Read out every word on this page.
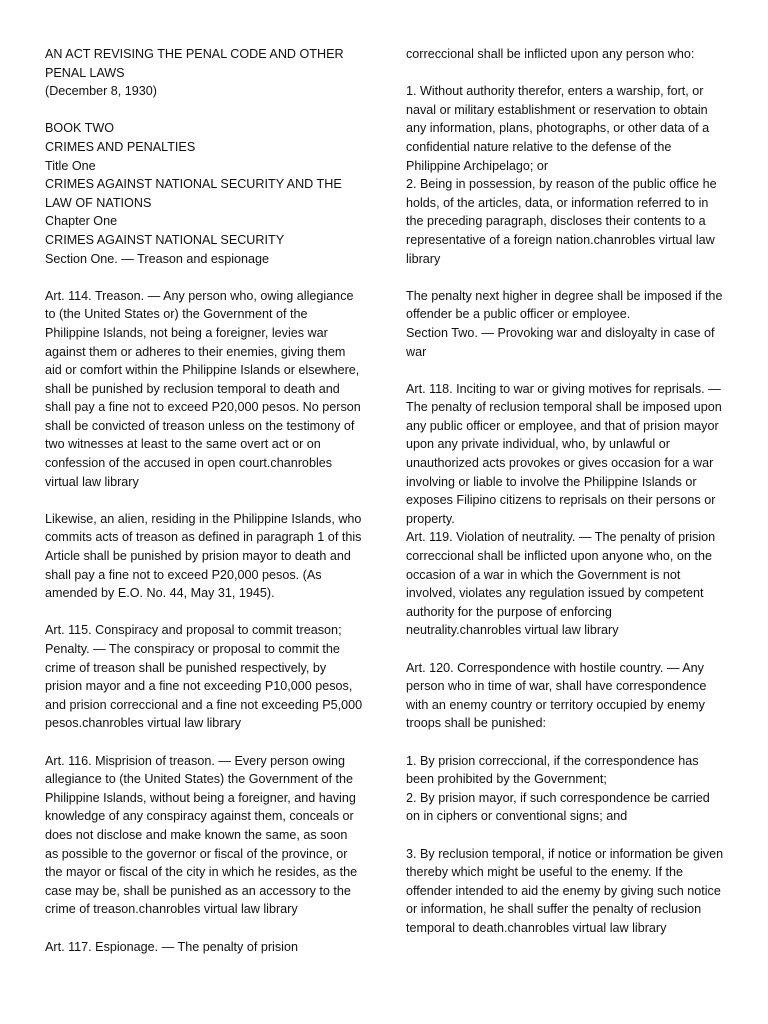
AN ACT REVISING THE PENAL CODE AND OTHER PENAL LAWS
(December 8, 1930)
BOOK TWO
CRIMES AND PENALTIES
Title One
CRIMES AGAINST NATIONAL SECURITY AND THE LAW OF NATIONS
Chapter One
CRIMES AGAINST NATIONAL SECURITY
Section One. — Treason and espionage
Art. 114. Treason. — Any person who, owing allegiance to (the United States or) the Government of the Philippine Islands, not being a foreigner, levies war against them or adheres to their enemies, giving them aid or comfort within the Philippine Islands or elsewhere, shall be punished by reclusion temporal to death and shall pay a fine not to exceed P20,000 pesos. No person shall be convicted of treason unless on the testimony of two witnesses at least to the same overt act or on confession of the accused in open court.chanrobles virtual law library
Likewise, an alien, residing in the Philippine Islands, who commits acts of treason as defined in paragraph 1 of this Article shall be punished by prision mayor to death and shall pay a fine not to exceed P20,000 pesos. (As amended by E.O. No. 44, May 31, 1945).
Art. 115. Conspiracy and proposal to commit treason; Penalty. — The conspiracy or proposal to commit the crime of treason shall be punished respectively, by prision mayor and a fine not exceeding P10,000 pesos, and prision correccional and a fine not exceeding P5,000 pesos.chanrobles virtual law library
Art. 116. Misprision of treason. — Every person owing allegiance to (the United States) the Government of the Philippine Islands, without being a foreigner, and having knowledge of any conspiracy against them, conceals or does not disclose and make known the same, as soon as possible to the governor or fiscal of the province, or the mayor or fiscal of the city in which he resides, as the case may be, shall be punished as an accessory to the crime of treason.chanrobles virtual law library
Art. 117. Espionage. — The penalty of prision
correccional shall be inflicted upon any person who:
1. Without authority therefor, enters a warship, fort, or naval or military establishment or reservation to obtain any information, plans, photographs, or other data of a confidential nature relative to the defense of the Philippine Archipelago; or
2. Being in possession, by reason of the public office he holds, of the articles, data, or information referred to in the preceding paragraph, discloses their contents to a representative of a foreign nation.chanrobles virtual law library
The penalty next higher in degree shall be imposed if the offender be a public officer or employee.
Section Two. — Provoking war and disloyalty in case of war
Art. 118. Inciting to war or giving motives for reprisals. — The penalty of reclusion temporal shall be imposed upon any public officer or employee, and that of prision mayor upon any private individual, who, by unlawful or unauthorized acts provokes or gives occasion for a war involving or liable to involve the Philippine Islands or exposes Filipino citizens to reprisals on their persons or property.
Art. 119. Violation of neutrality. — The penalty of prision correccional shall be inflicted upon anyone who, on the occasion of a war in which the Government is not involved, violates any regulation issued by competent authority for the purpose of enforcing neutrality.chanrobles virtual law library
Art. 120. Correspondence with hostile country. — Any person who in time of war, shall have correspondence with an enemy country or territory occupied by enemy troops shall be punished:
1. By prision correccional, if the correspondence has been prohibited by the Government;
2. By prision mayor, if such correspondence be carried on in ciphers or conventional signs; and
3. By reclusion temporal, if notice or information be given thereby which might be useful to the enemy. If the offender intended to aid the enemy by giving such notice or information, he shall suffer the penalty of reclusion temporal to death.chanrobles virtual law library
